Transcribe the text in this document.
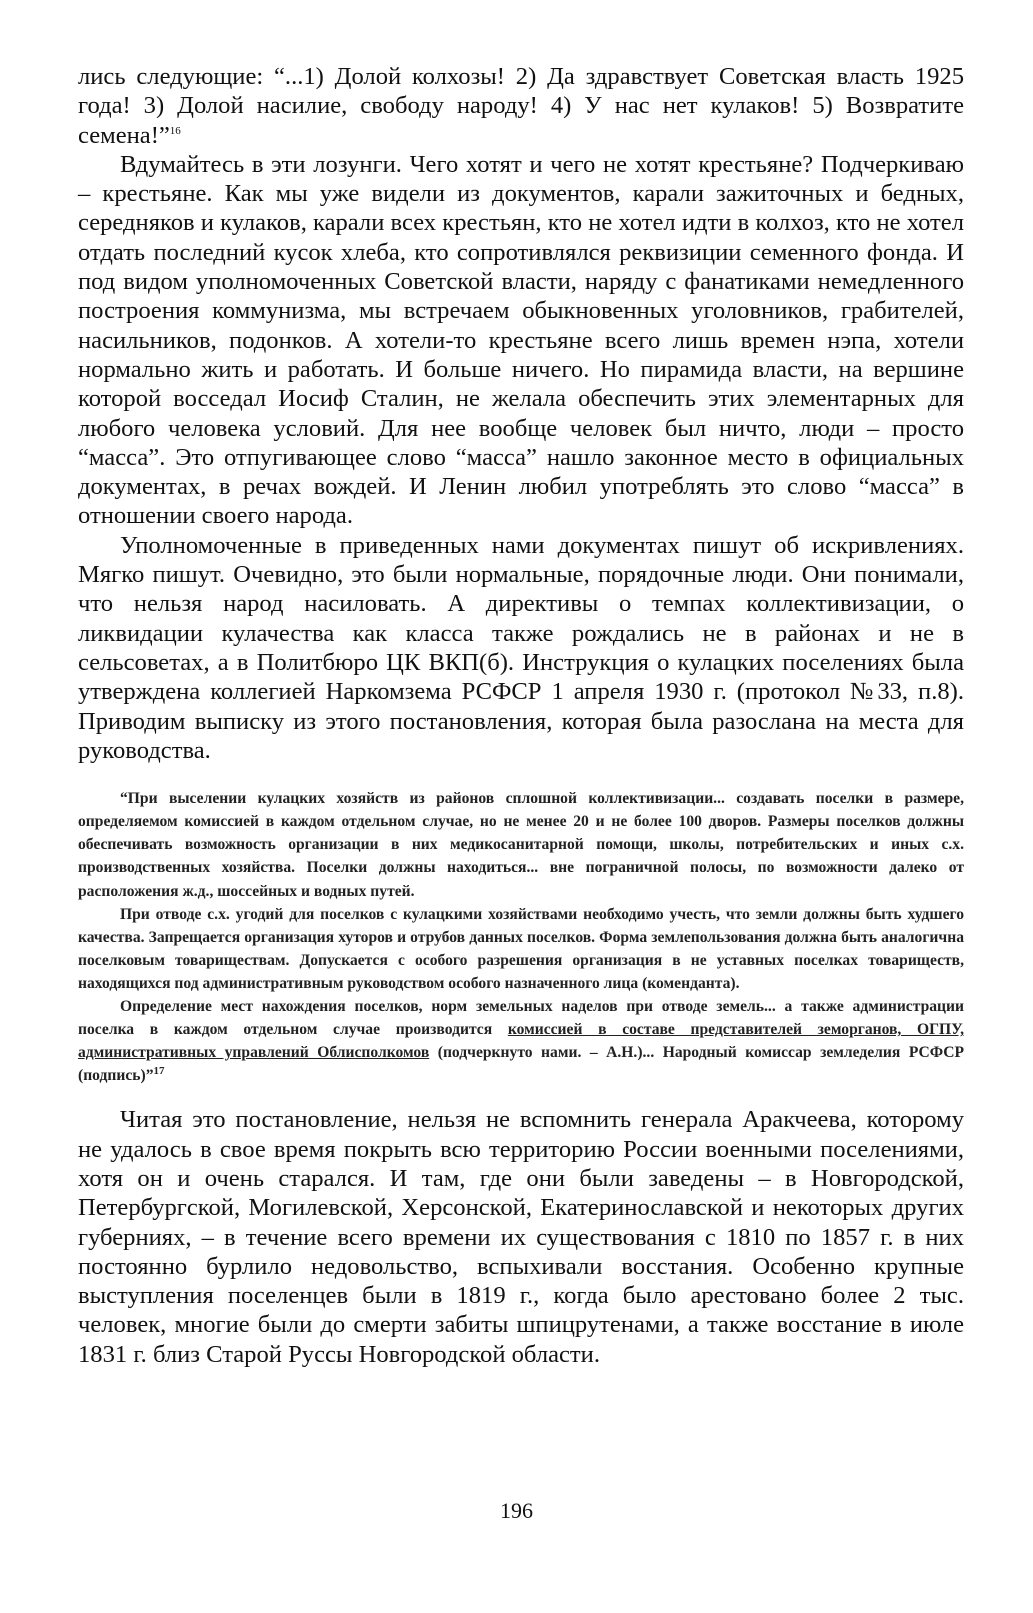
лись следующие: “...1) Долой колхозы! 2) Да здравствует Советская власть 1925 года! 3) Долой насилие, свободу народу! 4) У нас нет кулаков! 5) Возвратите семена!”$^{16}$

Вдумайтесь в эти лозунги. Чего хотят и чего не хотят крестьяне? Подчеркиваю – крестьяне. Как мы уже видели из документов, карали зажиточных и бедных, середняков и кулаков, карали всех крестьян, кто не хотел идти в колхоз, кто не хотел отдать последний кусок хлеба, кто сопротивлялся реквизиции семенного фонда. И под видом уполномоченных Советской власти, наряду с фанатиками немедленного построения коммунизма, мы встречаем обыкновенных уголовников, грабителей, насильников, подонков. А хотели-то крестьяне всего лишь времен нэпа, хотели нормально жить и работать. И больше ничего. Но пирамида власти, на вершине которой восседал Иосиф Сталин, не желала обеспечить этих элементарных для любого человека условий. Для нее вообще человек был ничто, люди – просто “масса”. Это отпугивающее слово “масса” нашло законное место в официальных документах, в речах вождей. И Ленин любил употреблять это слово “масса” в отношении своего народа.

Уполномоченные в приведенных нами документах пишут об искривлениях. Мягко пишут. Очевидно, это были нормальные, порядочные люди. Они понимали, что нельзя народ насиловать. А директивы о темпах коллективизации, о ликвидации кулачества как класса также рождались не в районах и не в сельсоветах, а в Политбюро ЦК ВКП(б). Инструкция о кулацких поселениях была утверждена коллегией Наркомзема РСФСР 1 апреля 1930 г. (протокол №33, п.8). Приводим выписку из этого постановления, которая была разослана на места для руководства.

“При выселении кулацких хозяйств из районов сплошной коллективизации... создавать поселки в размере, определяемом комиссией в каждом отдельном случае, но не менее 20 и не более 100 дворов. Размеры поселков должны обеспечивать возможность организации в них медикосанитарной помощи, школы, потребительских и иных с.х. производственных хозяйства. Поселки должны находиться... вне пограничной полосы, по возможности далеко от расположения ж.д., шоссейных и водных путей.

При отводе с.х. угодий для поселков с кулацкими хозяйствами необходимо учесть, что земли должны быть худшего качества. Запрещается организация хуторов и отрубов данных поселков. Форма землепользования должна быть аналогична поселковым товариществам. Допускается с особого разрешения организация в не уставных поселках товариществ, находящихся под административным руководством особого назначенного лица (коменданта).

Определение мест нахождения поселков, норм земельных наделов при отводе земель... а также администрации поселка в каждом отдельном случае производится комиссией в составе представителей земорганов, ОГПУ, административных управлений Облисполкомов (подчеркнуто нами. – А.Н.)... Народный комиссар земледелия РСФСР (подпись)”$^{17}$

Читая это постановление, нельзя не вспомнить генерала Аракчеева, которому не удалось в свое время покрыть всю территорию России военными поселениями, хотя он и очень старался. И там, где они были заведены – в Новгородской, Петербургской, Могилевской, Херсонской, Екатеринославской и некоторых других губерниях, – в течение всего времени их существования с 1810 по 1857 г. в них постоянно бурлило недовольство, вспыхивали восстания. Особенно крупные выступления поселенцев были в 1819 г., когда было арестовано более 2 тыс. человек, многие были до смерти забиты шпицрутенами, а также восстание в июле 1831 г. близ Старой Руссы Новгородской области.

196
